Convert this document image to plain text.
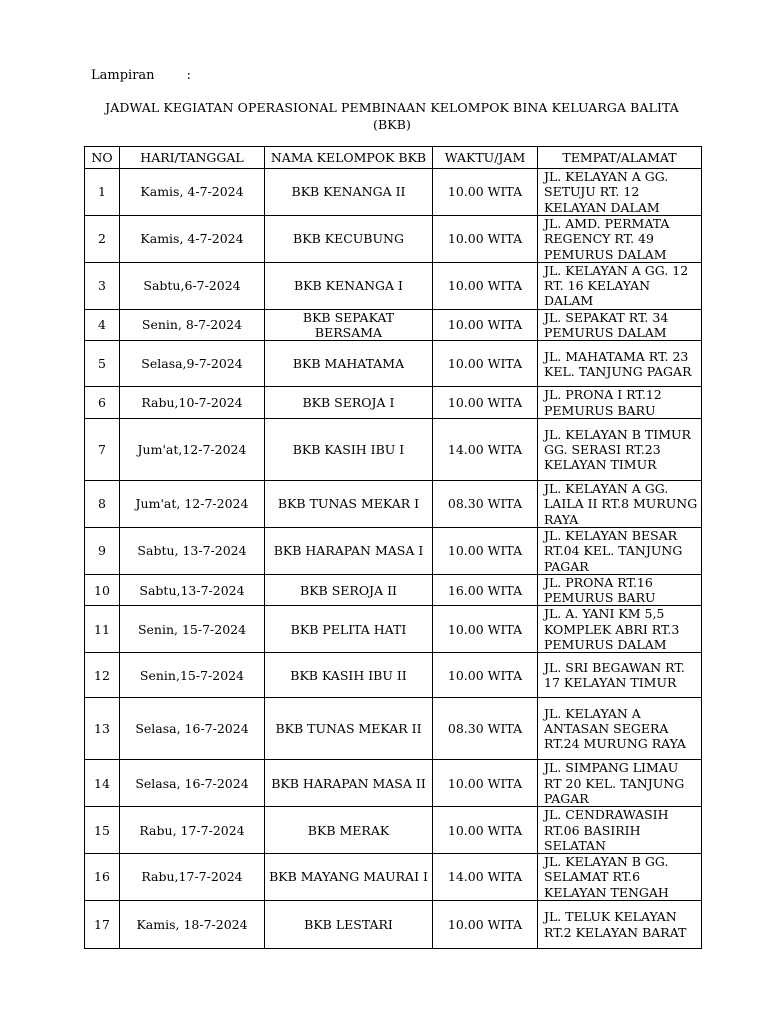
Lampiran :
JADWAL KEGIATAN OPERASIONAL PEMBINAAN KELOMPOK BINA KELUARGA BALITA
(BKB)
NO	HARI/TANGGAL	NAMA KELOMPOK BKB	WAKTU/JAM	TEMPAT/ALAMAT
1	Kamis, 4-7-2024	BKB KENANGA II	10.00 WITA	JL. KELAYAN A GG. SETUJU RT. 12 KELAYAN DALAM
2	Kamis, 4-7-2024	BKB KECUBUNG	10.00 WITA	JL. AMD. PERMATA REGENCY RT. 49 PEMURUS DALAM
3	Sabtu,6-7-2024	BKB KENANGA I	10.00 WITA	JL. KELAYAN A GG. 12 RT. 16 KELAYAN DALAM
4	Senin, 8-7-2024	BKB SEPAKAT BERSAMA	10.00 WITA	JL. SEPAKAT RT. 34 PEMURUS DALAM
5	Selasa,9-7-2024	BKB MAHATAMA	10.00 WITA	JL. MAHATAMA RT. 23 KEL. TANJUNG PAGAR
6	Rabu,10-7-2024	BKB SEROJA I	10.00 WITA	JL. PRONA I RT.12 PEMURUS BARU
7	Jum'at,12-7-2024	BKB KASIH IBU I	14.00 WITA	JL. KELAYAN B TIMUR GG. SERASI RT.23 KELAYAN TIMUR
8	Jum'at, 12-7-2024	BKB TUNAS MEKAR I	08.30 WITA	JL. KELAYAN A GG. LAILA II RT.8 MURUNG RAYA
9	Sabtu, 13-7-2024	BKB HARAPAN MASA I	10.00 WITA	JL. KELAYAN BESAR RT.04 KEL. TANJUNG PAGAR
10	Sabtu,13-7-2024	BKB SEROJA II	16.00 WITA	JL. PRONA RT.16 PEMURUS BARU
11	Senin, 15-7-2024	BKB PELITA HATI	10.00 WITA	JL. A. YANI KM 5,5 KOMPLEK ABRI RT.3 PEMURUS DALAM
12	Senin,15-7-2024	BKB KASIH IBU II	10.00 WITA	JL. SRI BEGAWAN RT. 17 KELAYAN TIMUR
13	Selasa, 16-7-2024	BKB TUNAS MEKAR II	08.30 WITA	JL. KELAYAN A ANTASAN SEGERA RT.24 MURUNG RAYA
14	Selasa, 16-7-2024	BKB HARAPAN MASA II	10.00 WITA	JL. SIMPANG LIMAU RT 20 KEL. TANJUNG PAGAR
15	Rabu, 17-7-2024	BKB MERAK	10.00 WITA	JL. CENDRAWASIH RT.06 BASIRIH SELATAN
16	Rabu,17-7-2024	BKB MAYANG MAURAI I	14.00 WITA	JL. KELAYAN B GG. SELAMAT RT.6 KELAYAN TENGAH
17	Kamis, 18-7-2024	BKB LESTARI	10.00 WITA	JL. TELUK KELAYAN RT.2 KELAYAN BARAT
